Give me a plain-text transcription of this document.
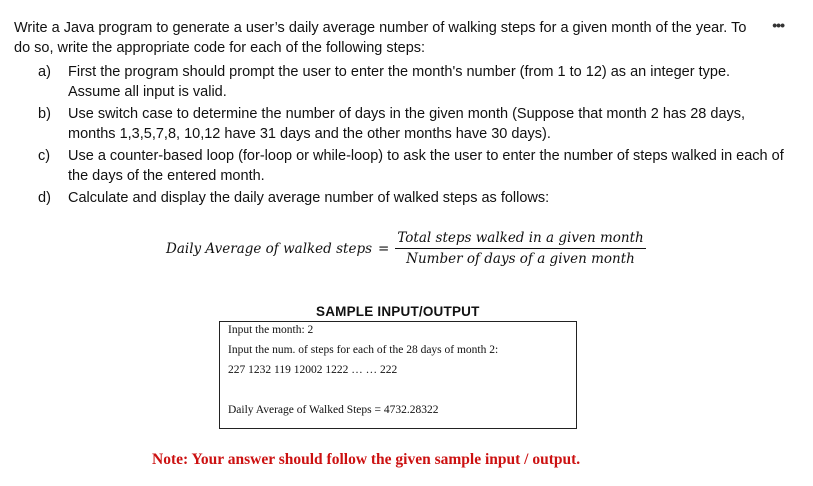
Write a Java program to generate a user’s daily average number of walking steps for a given month of the year. To do so, write the appropriate code for each of the following steps:
•••

a)	First the program should prompt the user to enter the month's number (from 1 to 12) as an integer type. Assume all input is valid.
b)	Use switch case to determine the number of days in the given month (Suppose that month 2 has 28 days, months 1,3,5,7,8, 10,12 have 31 days and the other months have 30 days).
c)	Use a counter-based loop (for-loop or while-loop) to ask the user to enter the number of steps walked in each of the days of the entered month.
d)	Calculate and display the daily average number of walked steps as follows:
Daily Average of walked steps = $\frac{\text{Total steps walked in a given month}}{\text{Number of days of a given month}}$
SAMPLE INPUT/OUTPUT
Input the month: 2
Input the num. of steps for each of the 28 days of month 2:
227 1232 119 12002 1222 … … 222
Daily Average of Walked Steps = 4732.28322
Note: Your answer should follow the given sample input / output.
